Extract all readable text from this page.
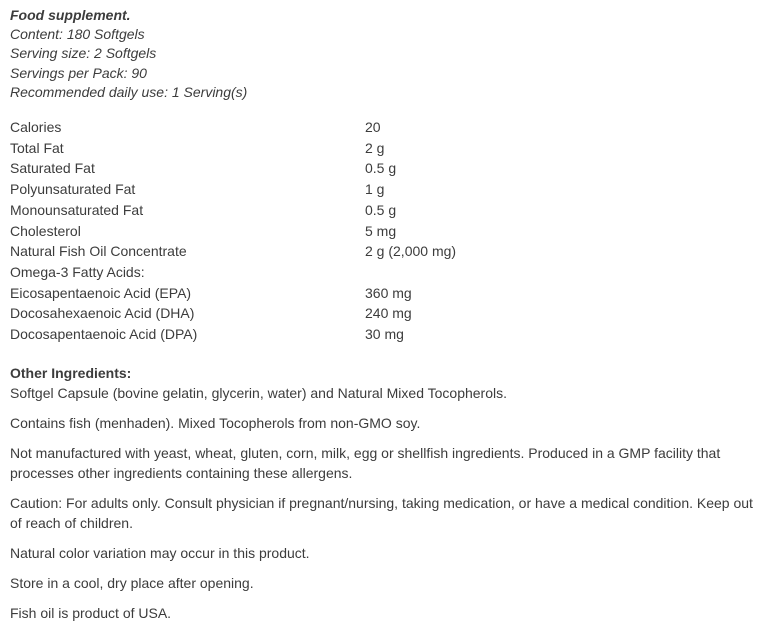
Food supplement.
Content: 180 Softgels
Serving size: 2 Softgels
Servings per Pack: 90
Recommended daily use: 1 Serving(s)
Calories	20
Total Fat	2 g
Saturated Fat	0.5 g
Polyunsaturated Fat	1 g
Monounsaturated Fat	0.5 g
Cholesterol	5 mg
Natural Fish Oil Concentrate	2 g (2,000 mg)
Omega-3 Fatty Acids:
Eicosapentaenoic Acid (EPA)	360 mg
Docosahexaenoic Acid (DHA)	240 mg
Docosapentaenoic Acid (DPA)	30 mg
Other Ingredients:
Softgel Capsule (bovine gelatin, glycerin, water) and Natural Mixed Tocopherols.

Contains fish (menhaden). Mixed Tocopherols from non-GMO soy.

Not manufactured with yeast, wheat, gluten, corn, milk, egg or shellfish ingredients. Produced in a GMP facility that processes other ingredients containing these allergens.

Caution: For adults only. Consult physician if pregnant/nursing, taking medication, or have a medical condition. Keep out of reach of children.

Natural color variation may occur in this product.

Store in a cool, dry place after opening.

Fish oil is product of USA.
